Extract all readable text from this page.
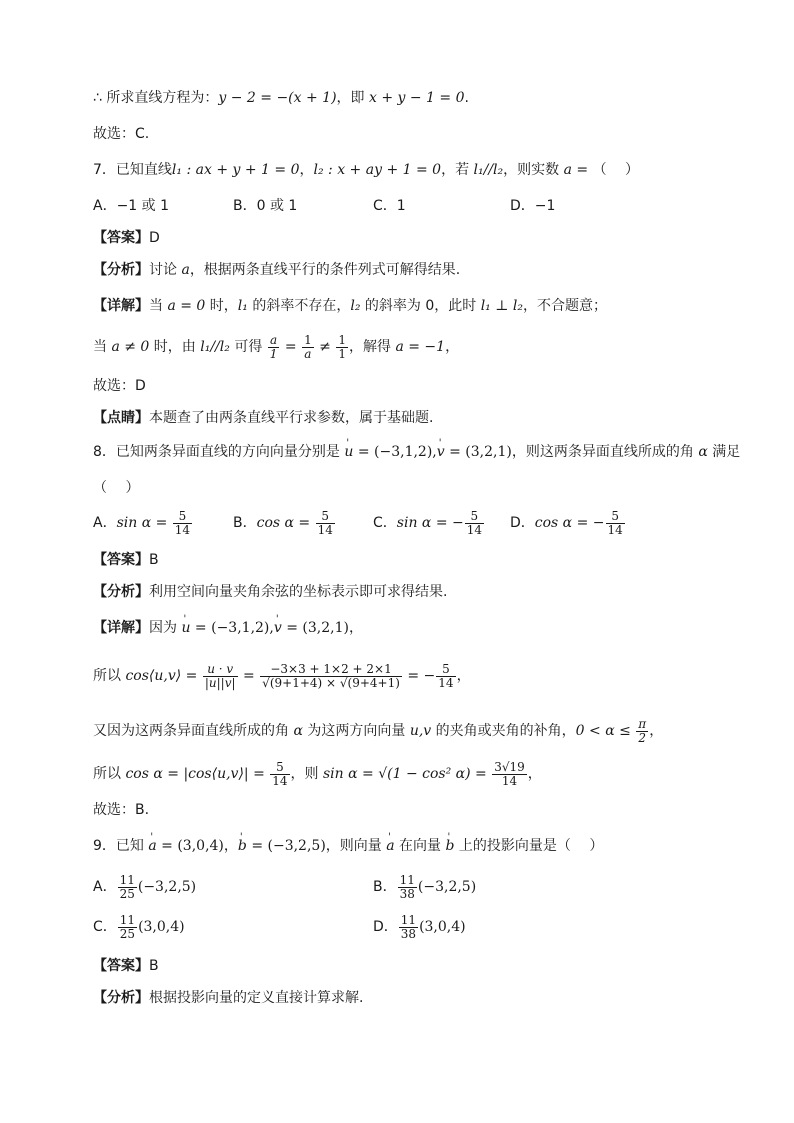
∴ 所求直线方程为：y − 2 = −(x + 1)，即 x + y − 1 = 0.
故选：C.
7．已知直线l₁ : ax + y + 1 = 0，l₂ : x + ay + 1 = 0，若 l₁//l₂，则实数 a = （　 ）
A．−1 或 1	B．0 或 1	C．1	D．−1
【答案】D
【分析】讨论 a，根据两条直线平行的条件列式可解得结果.
【详解】当 a = 0 时，l₁ 的斜率不存在，l₂ 的斜率为 0，此时 l₁ ⊥ l₂，不合题意；
当 a ≠ 0 时，由 l₁//l₂ 可得 $\frac{a}{1} = \frac{1}{a} \ne \frac{1}{1}$ ，解得 a = −1，
故选：D
【点睛】本题查了由两条直线平行求参数，属于基础题.
8．已知两条异面直线的方向向量分别是 ' u = (−3,1,2),' v = (3,2,1)，则这两条异面直线所成的角 α 满足
（　 ）
A．$\sin \alpha = \frac{5}{14}$	B．$\cos \alpha = \frac{5}{14}$	C．sin α = − $\frac{5}{14}$ D．cos α = − $\frac{5}{14}$
【答案】B
【分析】利用空间向量夹角余弦的坐标表示即可求得结果.
【详解】因为 ' u = (−3,1,2),' v = (3,2,1)，
所以 cos⟨u,v⟩ = $\frac{u \cdot v}{|u||v|} = \frac{-3\times 3 + 1\times 2 + 2\times 1}{√(9+1+4) \times √(9+4+1)}$ = − $\frac{5}{14}$ ，
又因为这两条异面直线所成的角 α 为这两方向向量 u,v 的夹角或夹角的补角，$0 < \alpha \le \frac{\pi}{2}$ ，
所以 cos α = |cos⟨u,v⟩| = $\frac{5}{14}$ ，则 sin α = √(1 − cos² $\alpha) = \frac{3√19}{14}$ ，
故选：B.
9．已知 ' a = (3,0,4)，' b = (−3,2,5)，则向量 ' a 在向量 ' b 上的投影向量是（　 ）
A． $\frac{11}{25} (-3,2,5)$	B． $\frac{11}{38} (-3,2,5)$
C． $\frac{11}{25} (3,0,4)$	D． $\frac{11}{38} (3,0,4)$
【答案】B
【分析】根据投影向量的定义直接计算求解.
